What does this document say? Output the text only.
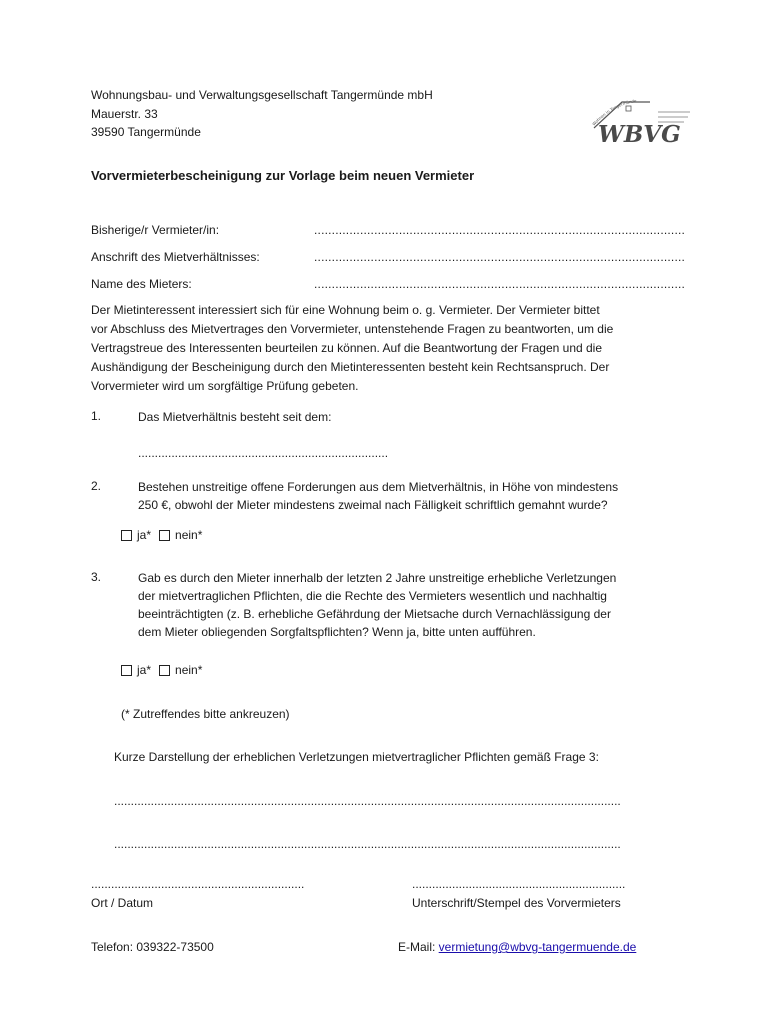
Wohnungsbau- und Verwaltungsgesellschaft Tangermünde mbH
Mauerstr. 33
39590 Tangermünde
Wohnen in Tangermünde
WBVG
Vorvermieterbescheinigung zur Vorlage beim neuen Vermieter
Bisherige/r Vermieter/in:	.........................................................................................................
Anschrift des Mietverhältnisses:	.........................................................................................................
Name des Mieters:	.........................................................................................................
Der Mietinteressent interessiert sich für eine Wohnung beim o. g. Vermieter. Der Vermieter bittet
vor Abschluss des Mietvertrages den Vorvermieter, untenstehende Fragen zu beantworten, um die
Vertragstreue des Interessenten beurteilen zu können. Auf die Beantwortung der Fragen und die
Aushändigung der Bescheinigung durch den Mietinteressenten besteht kein Rechtsanspruch. Der
Vorvermieter wird um sorgfältige Prüfung gebeten.
1.	Das Mietverhältnis besteht seit dem:
...........................................................................
2.	Bestehen unstreitige offene Forderungen aus dem Mietverhältnis, in Höhe von mindestens
250 €, obwohl der Mieter mindestens zweimal nach Fälligkeit schriftlich gemahnt wurde?
ja* nein*
3.	Gab es durch den Mieter innerhalb der letzten 2 Jahre unstreitige erhebliche Verletzungen
der mietvertraglichen Pflichten, die die Rechte des Vermieters wesentlich und nachhaltig
beeinträchtigten (z. B. erhebliche Gefährdung der Mietsache durch Vernachlässigung der
dem Mieter obliegenden Sorgfaltspflichten? Wenn ja, bitte unten aufführen.
ja* nein*
(* Zutreffendes bitte ankreuzen)
Kurze Darstellung der erheblichen Verletzungen mietvertraglicher Pflichten gemäß Frage 3:
........................................................................................................................................................
........................................................................................................................................................
................................................................
Ort / Datum
................................................................
Unterschrift/Stempel des Vorvermieters
Telefon: 039322-73500	E-Mail: vermietung@wbvg-tangermuende.de
